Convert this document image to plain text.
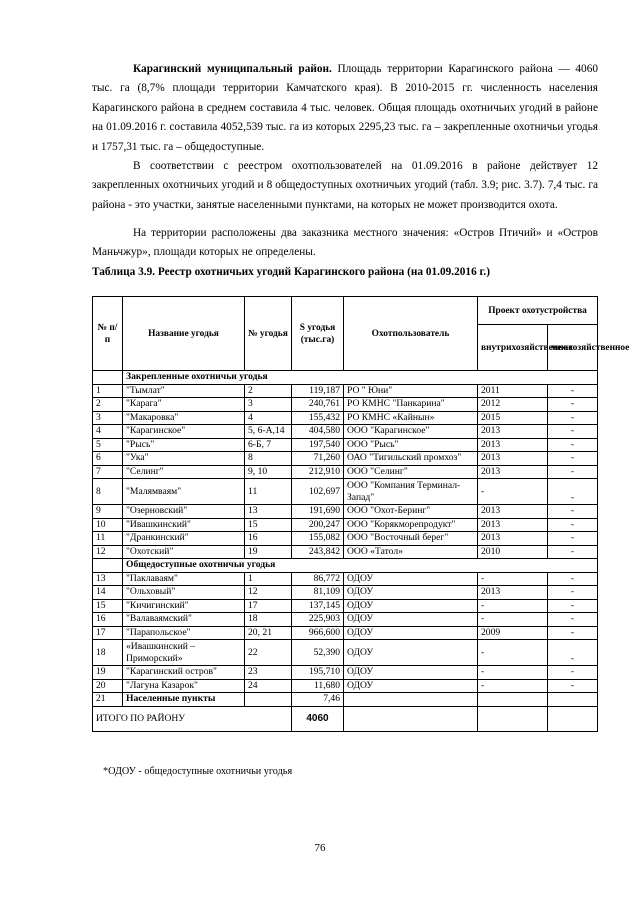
Карагинский муниципальный район. Площадь территории Карагинского района — 4060 тыс. га (8,7% площади территории Камчатского края). В 2010-2015 гг. численность населения Карагинского района в среднем составила 4 тыс. человек. Общая площадь охотничьих угодий в районе на 01.09.2016 г. составила 4052,539 тыс. га из которых 2295,23 тыс. га – закрепленные охотничьи угодья и 1757,31 тыс. га – общедоступные.

В соответствии с реестром охотпользователей на 01.09.2016 в районе действует 12 закрепленных охотничьих угодий и 8 общедоступных охотничьих угодий (табл. 3.9; рис. 3.7). 7,4 тыс. га района - это участки, занятые населенными пунктами, на которых не может производится охота.

На территории расположены два заказника местного значения: «Остров Птичий» и «Остров Маньчжур», площади которых не определены.

Таблица 3.9. Реестр охотничьих угодий Карагинского района (на 01.09.2016 г.)

№ п/п	Название угодья	№ угодья	S угодья (тыс.га)	Охотпользователь	Проект охотустройства	
					внутрихозяйственное	межхозяйственное
	Закрепленные охотничьи угодья					
1	"Тымлат"	2	119,187	РО " Юни"	2011	-
2	"Карага"	3	240,761	РО КМНС "Панкарина"	2012	-
3	"Макаровка"	4	155,432	РО КМНС «Кайнын»	2015	-
4	"Карагинское"	5, 6-А,14	404,580	ООО "Карагинское"	2013	-
5	"Рысь"	6-Б, 7	197,540	ООО "Рысь"	2013	-
6	"Ука"	8	71,260	ОАО "Тигильский промхоз"	2013	-
7	"Селинг"	9, 10	212,910	ООО "Селинг"	2013	-
8	"Малямваям"	11	102,697	ООО "Компания Терминал-Запад"	-	-
9	"Озерновский"	13	191,690	ООО "Охот-Беринг"	2013	-
10	"Ивашкинский"	15	200,247	ООО "Корякморепродукт"	2013	-
11	"Дранкинский"	16	155,082	ООО "Восточный берег"	2013	-
12	"Охотский"	19	243,842	ООО «Татол»	2010	-
	Общедоступные охотничьи угодья					
13	"Паклаваям"	1	86,772	ОДОУ	-	-
14	"Ольховый"	12	81,109	ОДОУ	2013	-
15	"Кичигинский"	17	137,145	ОДОУ	-	-
16	"Валаваямский"	18	225,903	ОДОУ	-	-
17	"Парапольское"	20, 21	966,600	ОДОУ	2009	-
18	«Ивашкинский – Приморский»	22	52,390	ОДОУ	-	-
19	"Карагинский остров"	23	195,710	ОДОУ	-	-
20	"Лагуна Казарок"	24	11,680	ОДОУ	-	-
21	Населенные пункты		7,46			
ИТОГО ПО РАЙОНУ			4060			

*ОДОУ - общедоступные охотничьи угодья

76
